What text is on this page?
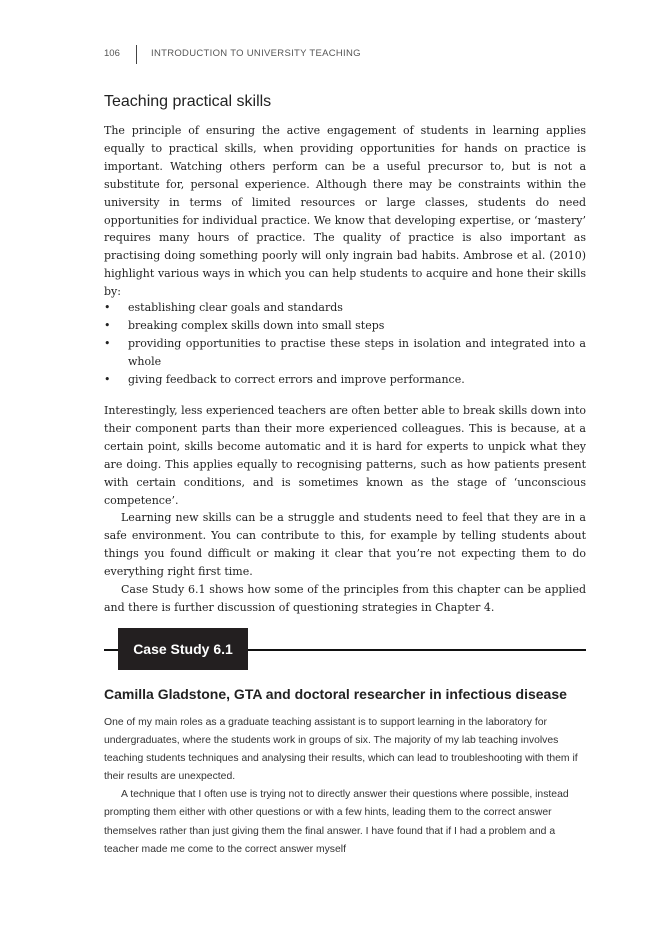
106	INTRODUCTION TO UNIVERSITY TEACHING
Teaching practical skills

The principle of ensuring the active engagement of students in learning applies equally to practical skills, when providing opportunities for hands on practice is important. Watching others perform can be a useful precursor to, but is not a substitute for, personal experience. Although there may be constraints within the university in terms of limited resources or large classes, students do need opportunities for individual practice. We know that developing expertise, or ‘mastery’ requires many hours of practice. The quality of practice is also important as practising doing something poorly will only ingrain bad habits. Ambrose et al. (2010) highlight various ways in which you can help students to acquire and hone their skills by:

• establishing clear goals and standards
• breaking complex skills down into small steps
• providing opportunities to practise these steps in isolation and integrated into a whole
• giving feedback to correct errors and improve performance.

Interestingly, less experienced teachers are often better able to break skills down into their component parts than their more experienced colleagues. This is because, at a certain point, skills become automatic and it is hard for experts to unpick what they are doing. This applies equally to recognising patterns, such as how patients present with certain conditions, and is sometimes known as the stage of ‘unconscious competence’.

Learning new skills can be a struggle and students need to feel that they are in a safe environment. You can contribute to this, for example by telling students about things you found difficult or making it clear that you’re not expecting them to do everything right first time.

Case Study 6.1 shows how some of the principles from this chapter can be applied and there is further discussion of questioning strategies in Chapter 4.

Case Study 6.1
Camilla Gladstone, GTA and doctoral researcher in infectious disease

One of my main roles as a graduate teaching assistant is to support learning in the laboratory for undergraduates, where the students work in groups of six. The majority of my lab teaching involves teaching students techniques and analysing their results, which can lead to troubleshooting with them if their results are unexpected.

A technique that I often use is trying not to directly answer their questions where possible, instead prompting them either with other questions or with a few hints, leading them to the correct answer themselves rather than just giving them the final answer. I have found that if I had a problem and a teacher made me come to the correct answer myself
